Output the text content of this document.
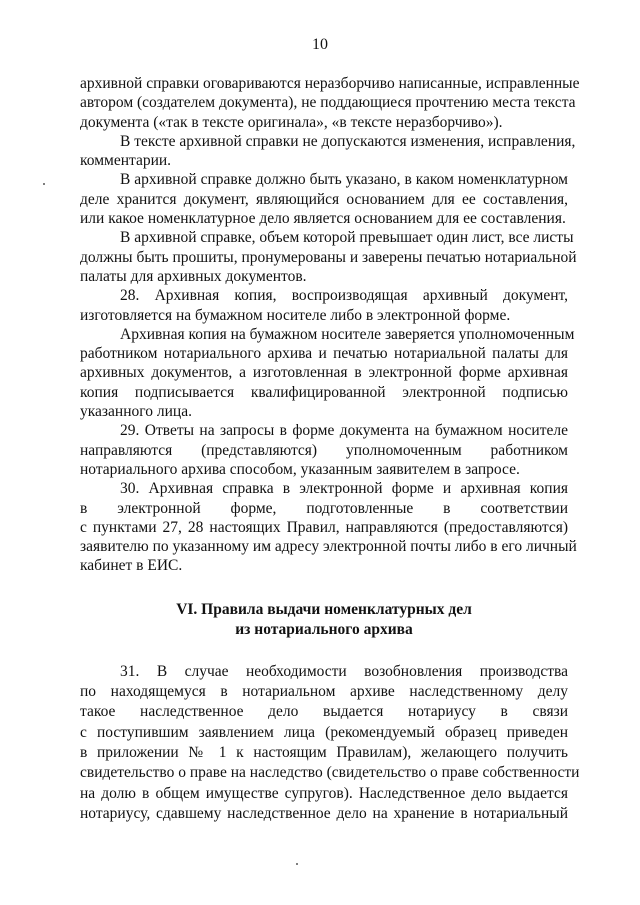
10
архивной справки оговариваются неразборчиво написанные, исправленные
автором (создателем документа), не поддающиеся прочтению места текста
документа («так в тексте оригинала», «в тексте неразборчиво»).
В тексте архивной справки не допускаются изменения, исправления,
комментарии.
В архивной справке должно быть указано, в каком номенклатурном
деле хранится документ, являющийся основанием для ее составления,
или какое номенклатурное дело является основанием для ее составления.
В архивной справке, объем которой превышает один лист, все листы
должны быть прошиты, пронумерованы и заверены печатью нотариальной
палаты для архивных документов.
28. Архивная копия, воспроизводящая архивный документ,
изготовляется на бумажном носителе либо в электронной форме.
Архивная копия на бумажном носителе заверяется уполномоченным
работником нотариального архива и печатью нотариальной палаты для
архивных документов, а изготовленная в электронной форме архивная
копия подписывается квалифицированной электронной подписью
указанного лица.
29. Ответы на запросы в форме документа на бумажном носителе
направляются (представляются) уполномоченным работником
нотариального архива способом, указанным заявителем в запросе.
30. Архивная справка в электронной форме и архивная копия
в электронной форме, подготовленные в соответствии
с пунктами 27, 28 настоящих Правил, направляются (предоставляются)
заявителю по указанному им адресу электронной почты либо в его личный
кабинет в ЕИС.
VI. Правила выдачи номенклатурных дел
из нотариального архива
31. В случае необходимости возобновления производства
по находящемуся в нотариальном архиве наследственному делу
такое наследственное дело выдается нотариусу в связи
с поступившим заявлением лица (рекомендуемый образец приведен
в приложении № 1 к настоящим Правилам), желающего получить
свидетельство о праве на наследство (свидетельство о праве собственности
на долю в общем имуществе супругов). Наследственное дело выдается
нотариусу, сдавшему наследственное дело на хранение в нотариальный
